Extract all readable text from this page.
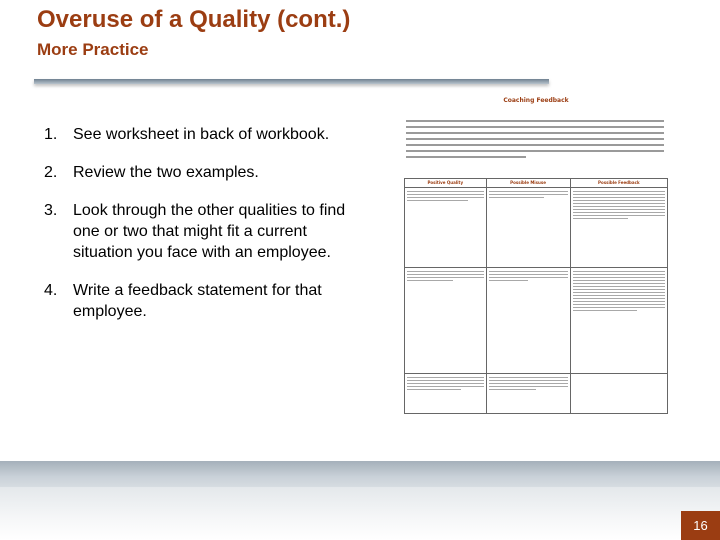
Overuse of a Quality (cont.)
More Practice
1. See worksheet in back of workbook.
2. Review the two examples.
3. Look through the other qualities to find one or two that might fit a current situation you face with an employee.
4. Write a feedback statement for that employee.
Coaching Feedback
Positive Quality	Possible Misuse	Possible Feedback

16
